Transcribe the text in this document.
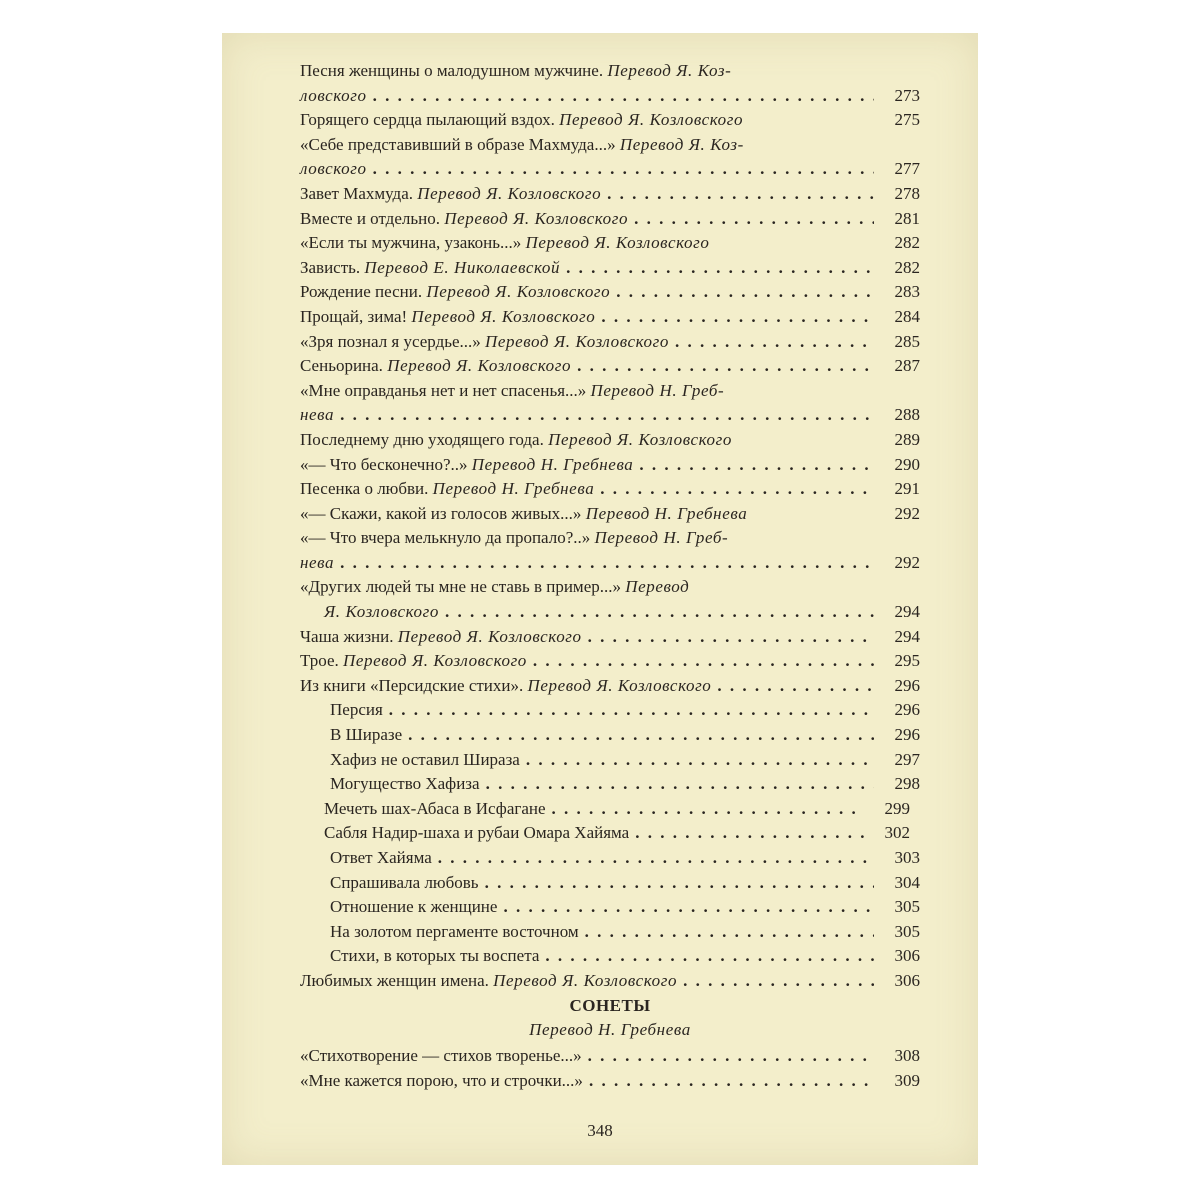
Песня женщины о малодушном мужчине. Перевод Я. Коз-
ловского . . .	273
Горящего сердца пылающий вздох. Перевод Я. Козловского	275
«Себе представивший в образе Махмуда...» Перевод Я. Коз-
ловского . . .	277
Завет Махмуда. Перевод Я. Козловского . . .	278
Вместе и отдельно. Перевод Я. Козловского . . .	281
«Если ты мужчина, узаконь...» Перевод Я. Козловского	282
Зависть. Перевод Е. Николаевской . . .	282
Рождение песни. Перевод Я. Козловского . . .	283
Прощай, зима! Перевод Я. Козловского . . .	284
«Зря познал я усердье...» Перевод Я. Козловского . . .	285
Сеньорина. Перевод Я. Козловского . . .	287
«Мне оправданья нет и нет спасенья...» Перевод Н. Греб-
нева . . .	288
Последнему дню уходящего года. Перевод Я. Козловского	289
«— Что бесконечно?..» Перевод Н. Гребнева . . .	290
Песенка о любви. Перевод Н. Гребнева . . .	291
«— Скажи, какой из голосов живых...» Перевод Н. Гребнева	292
«— Что вчера мелькнуло да пропало?..» Перевод Н. Греб-
нева . . .	292
«Других людей ты мне не ставь в пример...» Перевод
Я. Козловского . . .	294
Чаша жизни. Перевод Я. Козловского . . .	294
Трое. Перевод Я. Козловского . . .	295
Из книги «Персидские стихи». Перевод Я. Козловского . . .	296
Персия . . .	296
В Ширазе . . .	296
Хафиз не оставил Шираза . . .	297
Могущество Хафиза . . .	298
Мечеть шах-Абаса в Исфагане . . .	299
Сабля Надир-шаха и рубаи Омара Хайяма . . .	302
Ответ Хайяма . . .	303
Спрашивала любовь . . .	304
Отношение к женщине . . .	305
На золотом пергаменте восточном . . .	305
Стихи, в которых ты воспета . . .	306
Любимых женщин имена. Перевод Я. Козловского . . .	306
СОНЕТЫ
Перевод Н. Гребнева
«Стихотворение — стихов творенье...» . . .	308
«Мне кажется порою, что и строчки...» . . .	309
348
